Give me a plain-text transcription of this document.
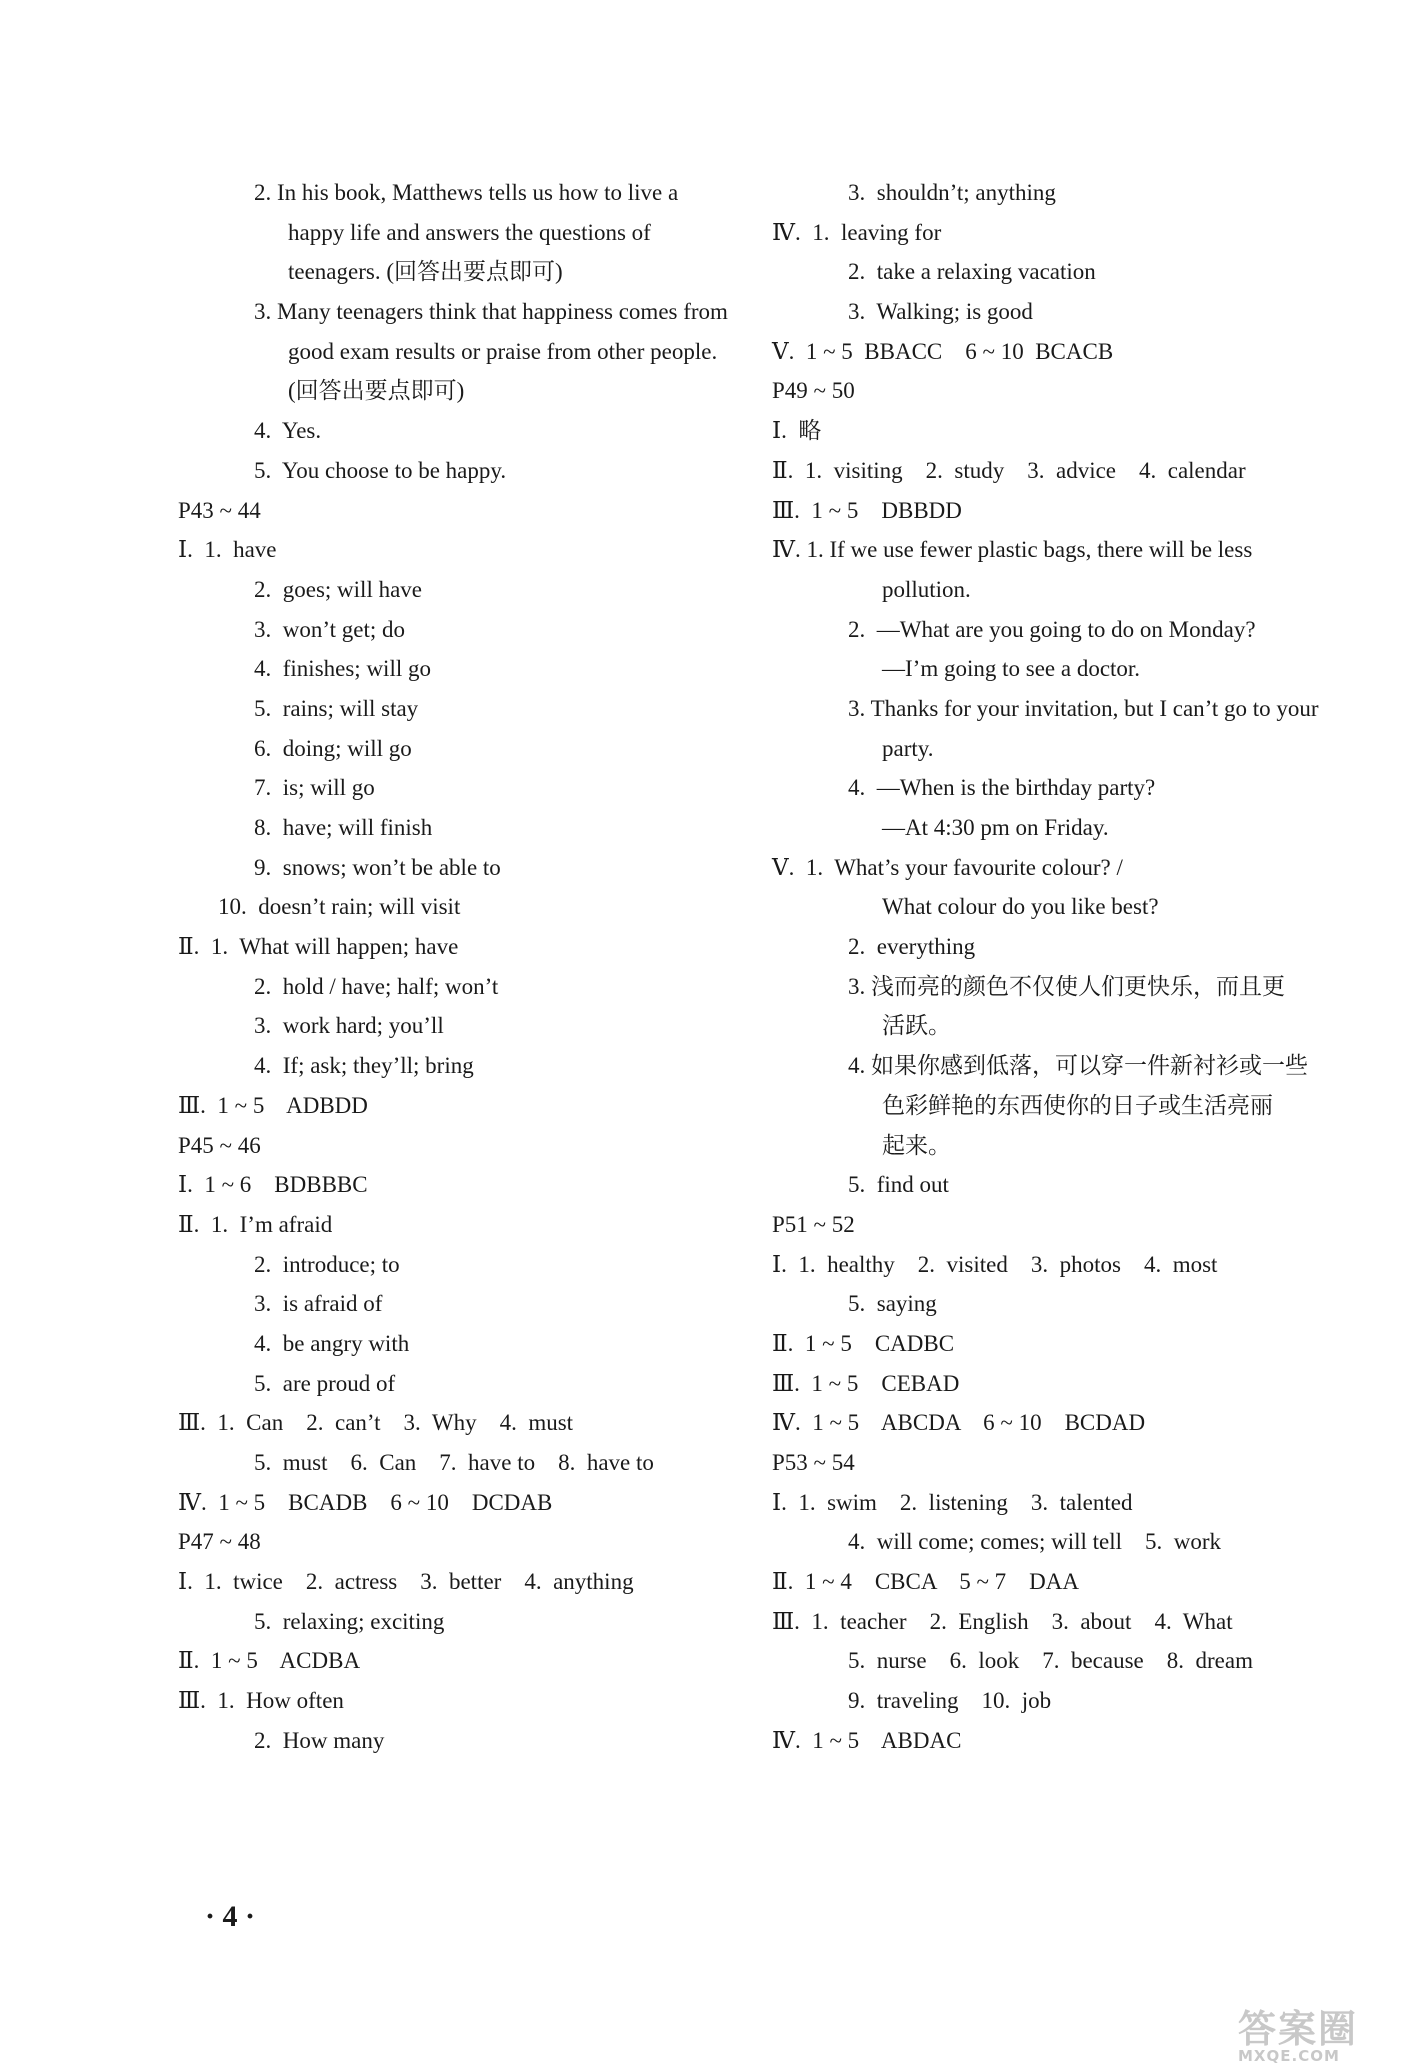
2. In his book, Matthews tells us how to live a
happy life and answers the questions of
teenagers. (回答出要点即可)
3. Many teenagers think that happiness comes from
good exam results or praise from other people.
(回答出要点即可)
4.  Yes.
5.  You choose to be happy.
P43 ~ 44
Ⅰ.  1.  have
2.  goes; will have
3.  won’t get; do
4.  finishes; will go
5.  rains; will stay
6.  doing; will go
7.  is; will go
8.  have; will finish
9.  snows; won’t be able to
10.  doesn’t rain; will visit
Ⅱ.  1.  What will happen; have
2.  hold / have; half; won’t
3.  work hard; you’ll
4.  If; ask; they’ll; bring
Ⅲ.  1 ~ 5    ADBDD
P45 ~ 46
Ⅰ.  1 ~ 6    BDBBBC
Ⅱ.  1.  I’m afraid
2.  introduce; to
3.  is afraid of
4.  be angry with
5.  are proud of
Ⅲ.  1.  Can    2.  can’t    3.  Why    4.  must
5.  must    6.  Can    7.  have to    8.  have to
Ⅳ.  1 ~ 5    BCADB    6 ~ 10    DCDAB
P47 ~ 48
Ⅰ.  1.  twice    2.  actress    3.  better    4.  anything
5.  relaxing; exciting
Ⅱ.  1 ~ 5    ACDBA
Ⅲ.  1.  How often
2.  How many
3.  shouldn’t; anything
Ⅳ.  1.  leaving for
2.  take a relaxing vacation
3.  Walking; is good
Ⅴ.  1 ~ 5  BBACC    6 ~ 10  BCACB
P49 ~ 50
Ⅰ.  略
Ⅱ.  1.  visiting    2.  study    3.  advice    4.  calendar
Ⅲ.  1 ~ 5    DBBDD
Ⅳ. 1. If we use fewer plastic bags, there will be less
pollution.
2.  —What are you going to do on Monday?
—I’m going to see a doctor.
3. Thanks for your invitation, but I can’t go to your
party.
4.  —When is the birthday party?
—At 4:30 pm on Friday.
Ⅴ.  1.  What’s your favourite colour? /
What colour do you like best?
2.  everything
3. 浅而亮的颜色不仅使人们更快乐，而且更
活跃。
4. 如果你感到低落，可以穿一件新衬衫或一些
色彩鲜艳的东西使你的日子或生活亮丽
起来。
5.  find out
P51 ~ 52
Ⅰ.  1.  healthy    2.  visited    3.  photos    4.  most
5.  saying
Ⅱ.  1 ~ 5    CADBC
Ⅲ.  1 ~ 5    CEBAD
Ⅳ.  1 ~ 5    ABCDA    6 ~ 10    BCDAD
P53 ~ 54
Ⅰ.  1.  swim    2.  listening    3.  talented
4.  will come; comes; will tell    5.  work
Ⅱ.  1 ~ 4    CBCA    5 ~ 7    DAA
Ⅲ.  1.  teacher    2.  English    3.  about    4.  What
5.  nurse    6.  look    7.  because    8.  dream
9.  traveling    10.  job
Ⅳ.  1 ~ 5    ABDAC
· 4 ·
答案圈
MXQE.COM
